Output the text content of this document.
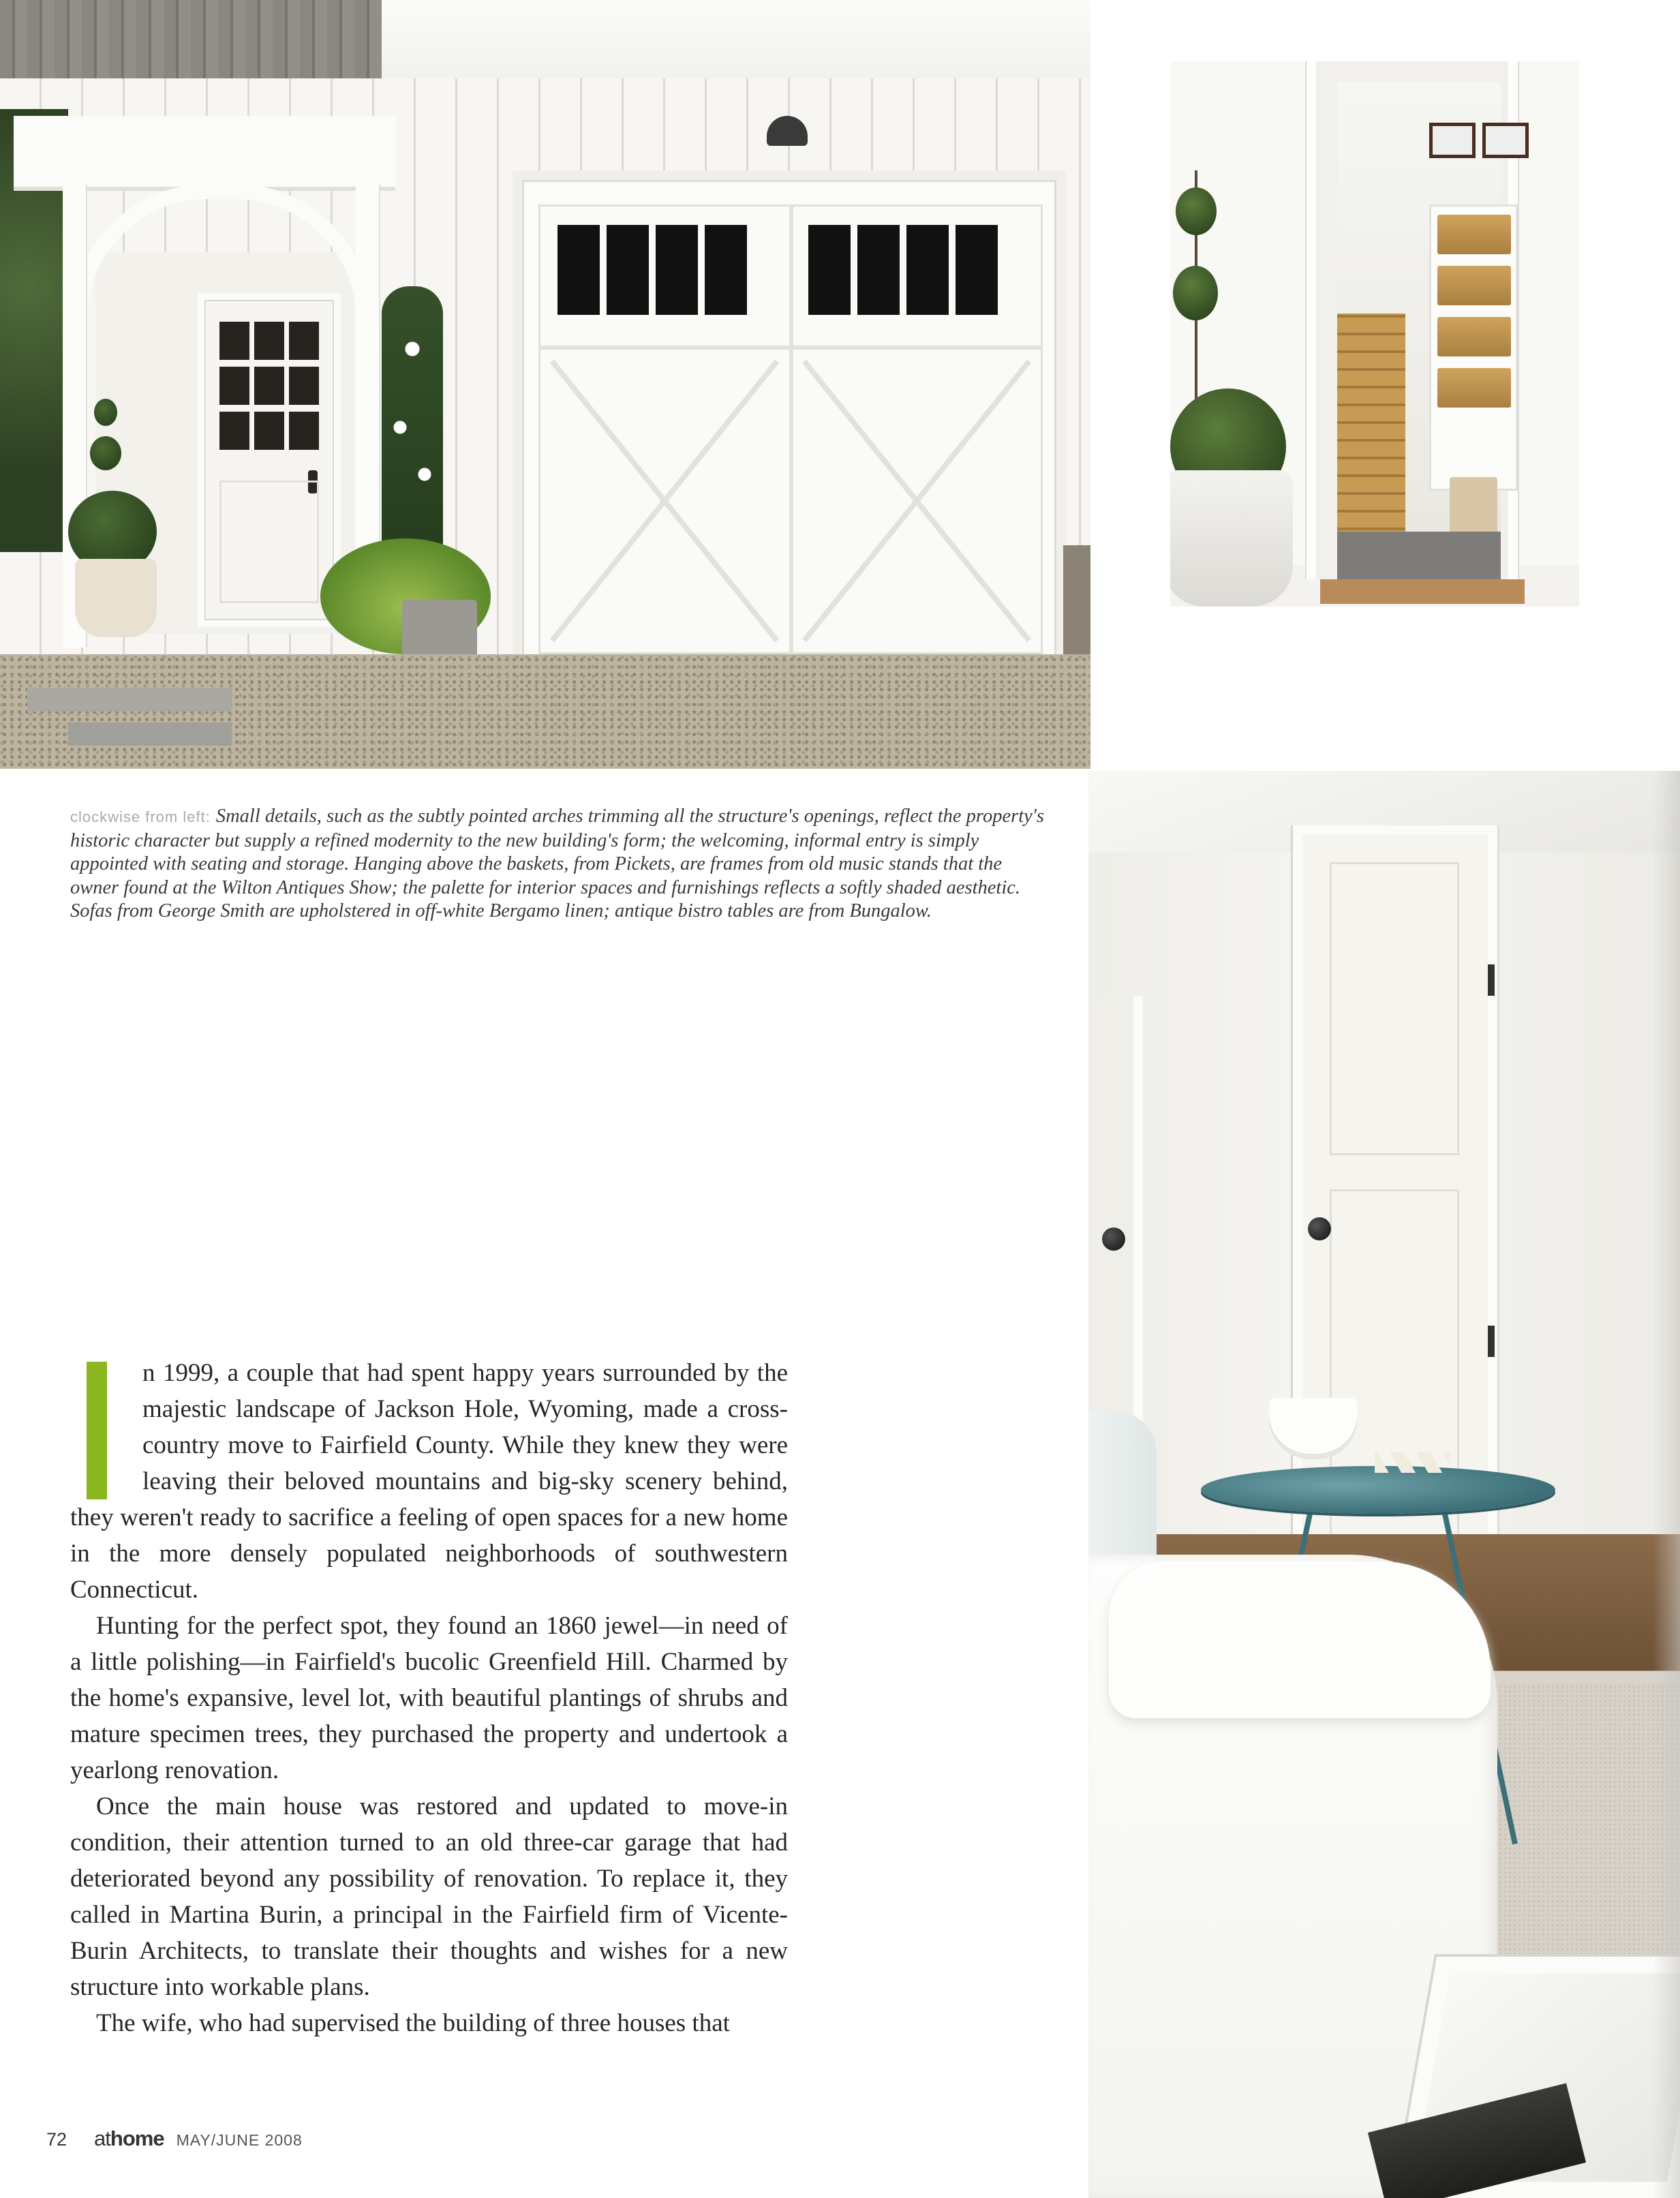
clockwise from left: Small details, such as the subtly pointed arches trimming all the structure's openings, reflect the property's historic character but supply a refined modernity to the new building's form; the welcoming, informal entry is simply appointed with seating and storage. Hanging above the baskets, from Pickets, are frames from old music stands that the owner found at the Wilton Antiques Show; the palette for interior spaces and furnishings reflects a softly shaded aesthetic. Sofas from George Smith are upholstered in off-white Bergamo linen; antique bistro tables are from Bungalow.

n 1999, a couple that had spent happy years surrounded by the majestic landscape of Jackson Hole, Wyoming, made a cross-country move to Fairfield County. While they knew they were leaving their beloved mountains and big-sky scenery behind, they weren't ready to sacrifice a feeling of open spaces for a new home in the more densely populated neighborhoods of southwestern Connecticut.

Hunting for the perfect spot, they found an 1860 jewel—in need of a little polishing—in Fairfield's bucolic Greenfield Hill. Charmed by the home's expansive, level lot, with beautiful plantings of shrubs and mature specimen trees, they purchased the property and undertook a yearlong renovation.

Once the main house was restored and updated to move-in condition, their attention turned to an old three-car garage that had deteriorated beyond any possibility of renovation. To replace it, they called in Martina Burin, a principal in the Fairfield firm of Vicente-Burin Architects, to translate their thoughts and wishes for a new structure into workable plans.

The wife, who had supervised the building of three houses that

72 at home MAY/JUNE 2008
